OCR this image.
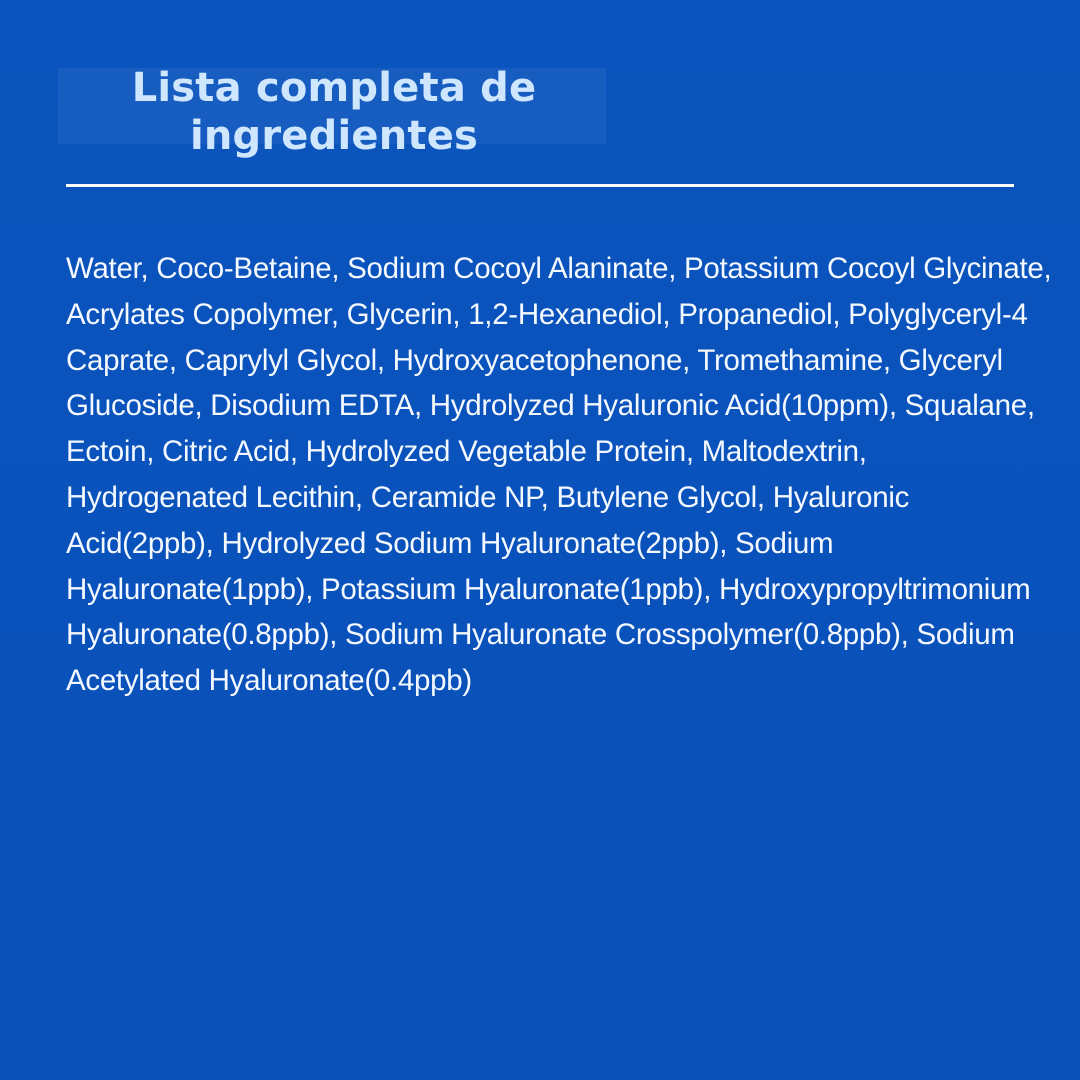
Lista completa de
ingredientes

Water, Coco-Betaine, Sodium Cocoyl Alaninate, Potassium Cocoyl Glycinate, Acrylates Copolymer, Glycerin, 1,2-Hexanediol, Propanediol, Polyglyceryl-4 Caprate, Caprylyl Glycol, Hydroxyacetophenone, Tromethamine, Glyceryl Glucoside, Disodium EDTA, Hydrolyzed Hyaluronic Acid(10ppm), Squalane, Ectoin, Citric Acid, Hydrolyzed Vegetable Protein, Maltodextrin, Hydrogenated Lecithin, Ceramide NP, Butylene Glycol, Hyaluronic Acid(2ppb), Hydrolyzed Sodium Hyaluronate(2ppb), Sodium Hyaluronate(1ppb), Potassium Hyaluronate(1ppb), Hydroxypropyltrimonium Hyaluronate(0.8ppb), Sodium Hyaluronate Crosspolymer(0.8ppb), Sodium Acetylated Hyaluronate(0.4ppb)
